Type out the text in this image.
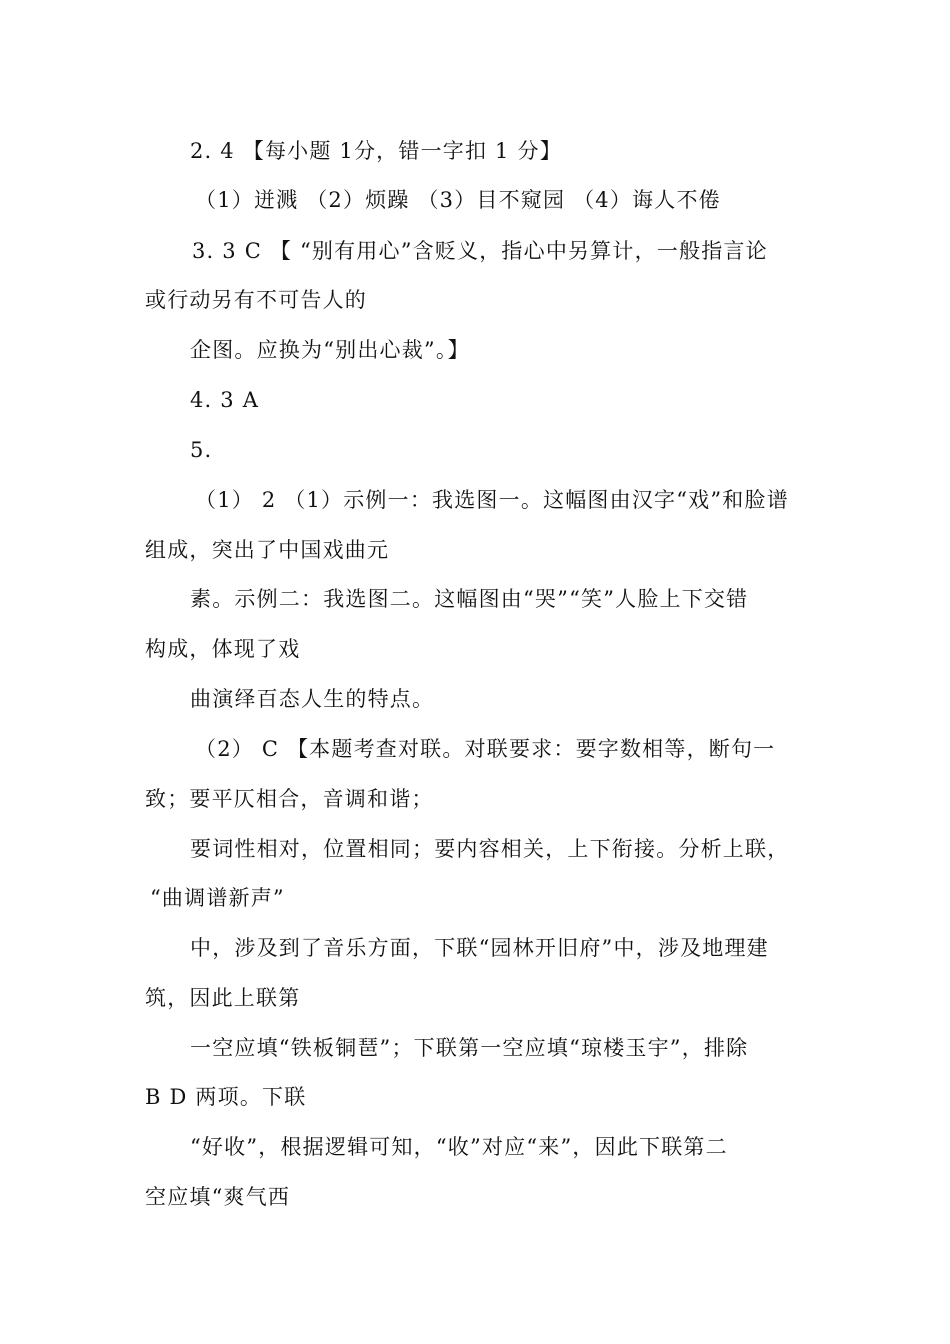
2. 4 【每小题 1分，错一字扣 1 分】
（1）迸溅 （2）烦躁 （3）目不窥园 （4）诲人不倦
3. 3 C 【 “别有用心”含贬义，指心中另算计，一般指言论
或行动另有不可告人的
企图。应换为“别出心裁”。】
4. 3 A
5.
（1） 2 （1）示例一：我选图一。这幅图由汉字“戏”和脸谱
组成，突出了中国戏曲元
素。示例二：我选图二。这幅图由“哭”“笑”人脸上下交错
构成，体现了戏
曲演绎百态人生的特点。
（2） C 【本题考查对联。对联要求：要字数相等，断句一
致；要平仄相合，音调和谐；
要词性相对，位置相同；要内容相关，上下衔接。分析上联，
“曲调谱新声”
中，涉及到了音乐方面，下联“园林开旧府”中，涉及地理建
筑，因此上联第
一空应填“铁板铜琶”；下联第一空应填“琼楼玉宇”，排除
B D 两项。下联
“好收”，根据逻辑可知，“收”对应“来”，因此下联第二
空应填“爽气西
